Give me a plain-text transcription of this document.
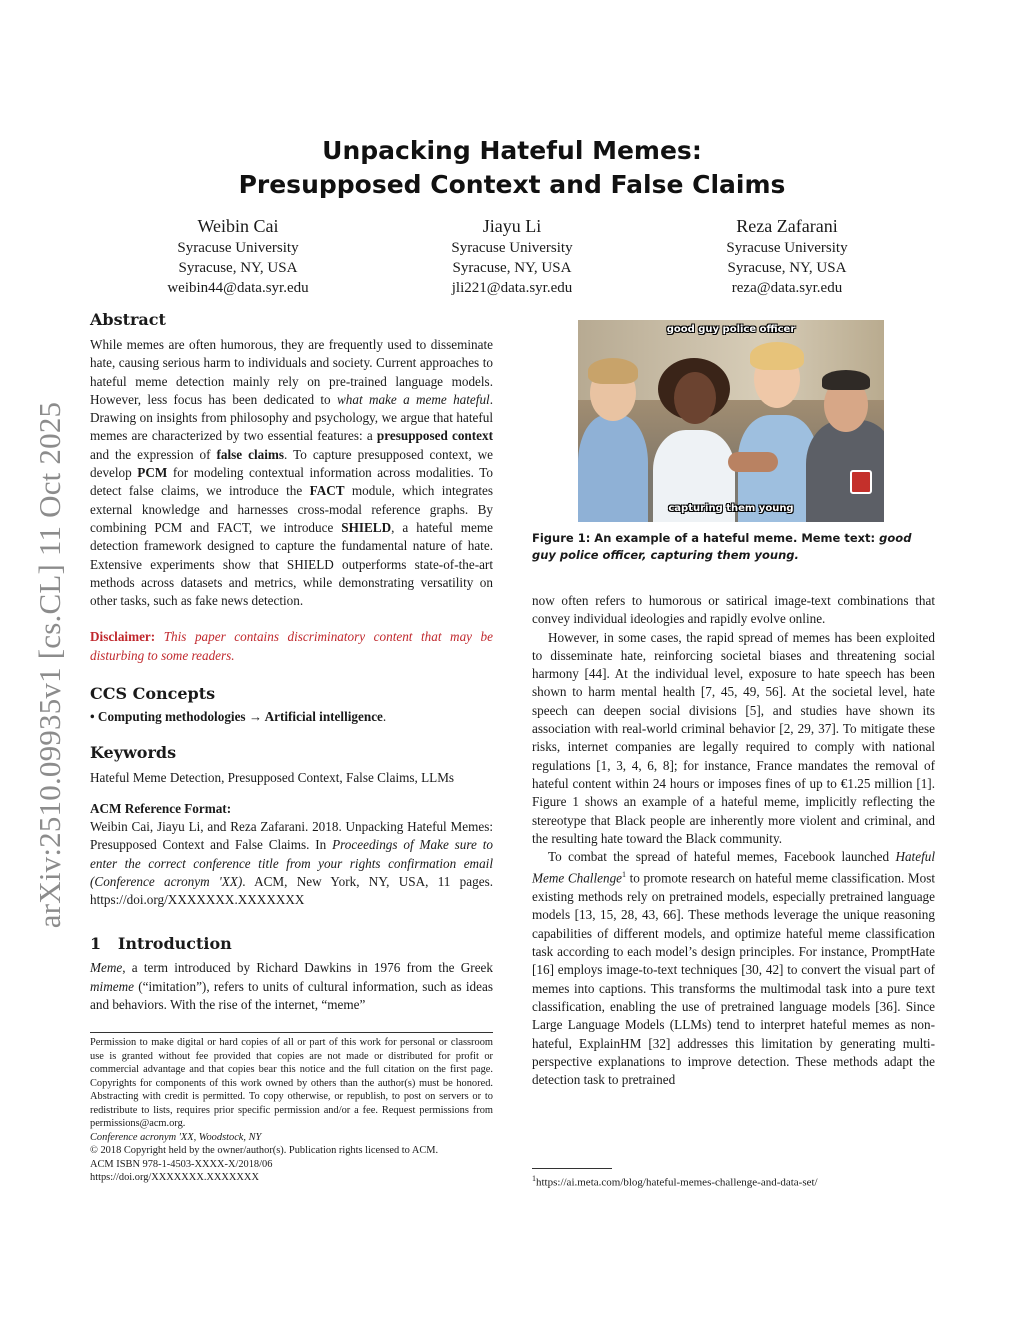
arXiv:2510.09935v1 [cs.CL] 11 Oct 2025
Unpacking Hateful Memes:
Presupposed Context and False Claims
Weibin Cai
Syracuse University
Syracuse, NY, USA
weibin44@data.syr.edu
Jiayu Li
Syracuse University
Syracuse, NY, USA
jli221@data.syr.edu
Reza Zafarani
Syracuse University
Syracuse, NY, USA
reza@data.syr.edu
Abstract

While memes are often humorous, they are frequently used to disseminate hate, causing serious harm to individuals and society. Current approaches to hateful meme detection mainly rely on pre-trained language models. However, less focus has been dedicated to what make a meme hateful. Drawing on insights from philosophy and psychology, we argue that hateful memes are characterized by two essential features: a presupposed context and the expression of false claims. To capture presupposed context, we develop PCM for modeling contextual information across modalities. To detect false claims, we introduce the FACT module, which integrates external knowledge and harnesses cross-modal reference graphs. By combining PCM and FACT, we introduce SHIELD, a hateful meme detection framework designed to capture the fundamental nature of hate. Extensive experiments show that SHIELD outperforms state-of-the-art methods across datasets and metrics, while demonstrating versatility on other tasks, such as fake news detection.

Disclaimer: This paper contains discriminatory content that may be disturbing to some readers.

CCS Concepts

• Computing methodologies → Artificial intelligence.

Keywords

Hateful Meme Detection, Presupposed Context, False Claims, LLMs

ACM Reference Format:

Weibin Cai, Jiayu Li, and Reza Zafarani. 2018. Unpacking Hateful Memes: Presupposed Context and False Claims. In Proceedings of Make sure to enter the correct conference title from your rights confirmation email (Conference acronym 'XX). ACM, New York, NY, USA, 11 pages. https://doi.org/XXXXXXX.XXXXXXX

1 Introduction

Meme, a term introduced by Richard Dawkins in 1976 from the Greek mimeme (“imitation”), refers to units of cultural information, such as ideas and behaviors. With the rise of the internet, “meme”

Permission to make digital or hard copies of all or part of this work for personal or classroom use is granted without fee provided that copies are not made or distributed for profit or commercial advantage and that copies bear this notice and the full citation on the first page. Copyrights for components of this work owned by others than the author(s) must be honored. Abstracting with credit is permitted. To copy otherwise, or republish, to post on servers or to redistribute to lists, requires prior specific permission and/or a fee. Request permissions from permissions@acm.org.
Conference acronym 'XX, Woodstock, NY
© 2018 Copyright held by the owner/author(s). Publication rights licensed to ACM.
ACM ISBN 978-1-4503-XXXX-X/2018/06
https://doi.org/XXXXXXX.XXXXXXX
good guy police officer
capturing them young
Figure 1: An example of a hateful meme. Meme text: good guy police officer, capturing them young.

now often refers to humorous or satirical image-text combinations that convey individual ideologies and rapidly evolve online.

However, in some cases, the rapid spread of memes has been exploited to disseminate hate, reinforcing societal biases and threatening social harmony [44]. At the individual level, exposure to hate speech has been shown to harm mental health [7, 45, 49, 56]. At the societal level, hate speech can deepen social divisions [5], and studies have shown its association with real-world criminal behavior [2, 29, 37]. To mitigate these risks, internet companies are legally required to comply with national regulations [1, 3, 4, 6, 8]; for instance, France mandates the removal of hateful content within 24 hours or imposes fines of up to €1.25 million [1]. Figure 1 shows an example of a hateful meme, implicitly reflecting the stereotype that Black people are inherently more violent and criminal, and the resulting hate toward the Black community.

To combat the spread of hateful memes, Facebook launched Hateful Meme Challenge$^1$ to promote research on hateful meme classification. Most existing methods rely on pretrained models, especially pretrained language models [13, 15, 28, 43, 66]. These methods leverage the unique reasoning capabilities of different models, and optimize hateful meme classification task according to each model’s design principles. For instance, PromptHate [16] employs image-to-text techniques [30, 42] to convert the visual part of memes into captions. This transforms the multimodal task into a pure text classification, enabling the use of pretrained language models [36]. Since Large Language Models (LLMs) tend to interpret hateful memes as non-hateful, ExplainHM [32] addresses this limitation by generating multi-perspective explanations to improve detection. These methods adapt the detection task to pretrained

$^1$https://ai.meta.com/blog/hateful-memes-challenge-and-data-set/
